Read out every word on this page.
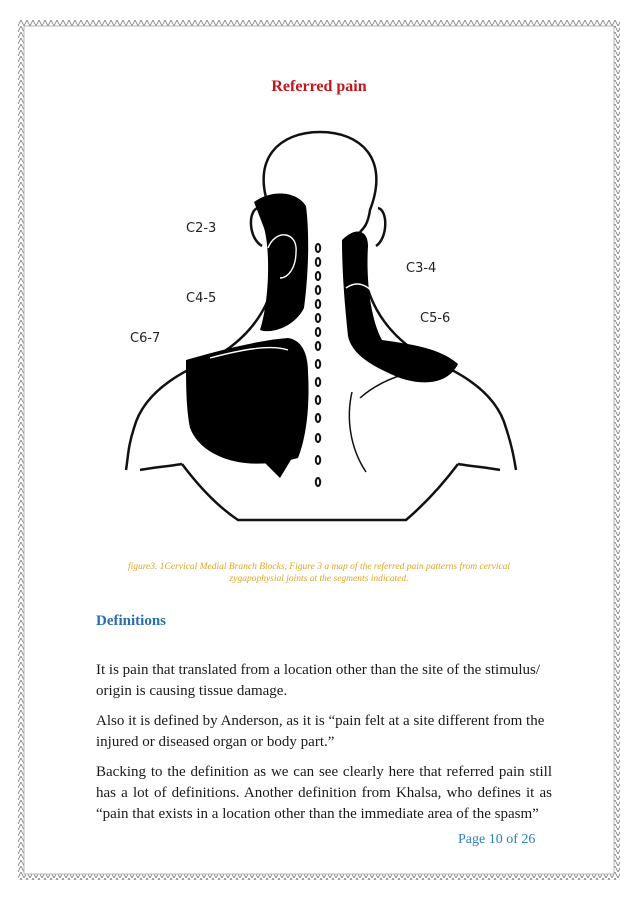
Referred pain
C2-3
C3-4
C4-5
C5-6
C6-7
figure3. 1Cervical Medial Branch Blocks, Figure 3 a map of the referred pain patterns from cervical zygapophysial joints at the segments indicated.
Definitions
It is pain that translated from a location other than the site of the stimulus/ origin is causing tissue damage.
Also it is defined by Anderson, as it is “pain felt at a site different from the injured or diseased organ or body part.”
Backing to the definition as we can see clearly here that referred pain still has a lot of definitions. Another definition from Khalsa, who defines it as “pain that exists in a location other than the immediate area of the spasm”
Page 10 of 26
